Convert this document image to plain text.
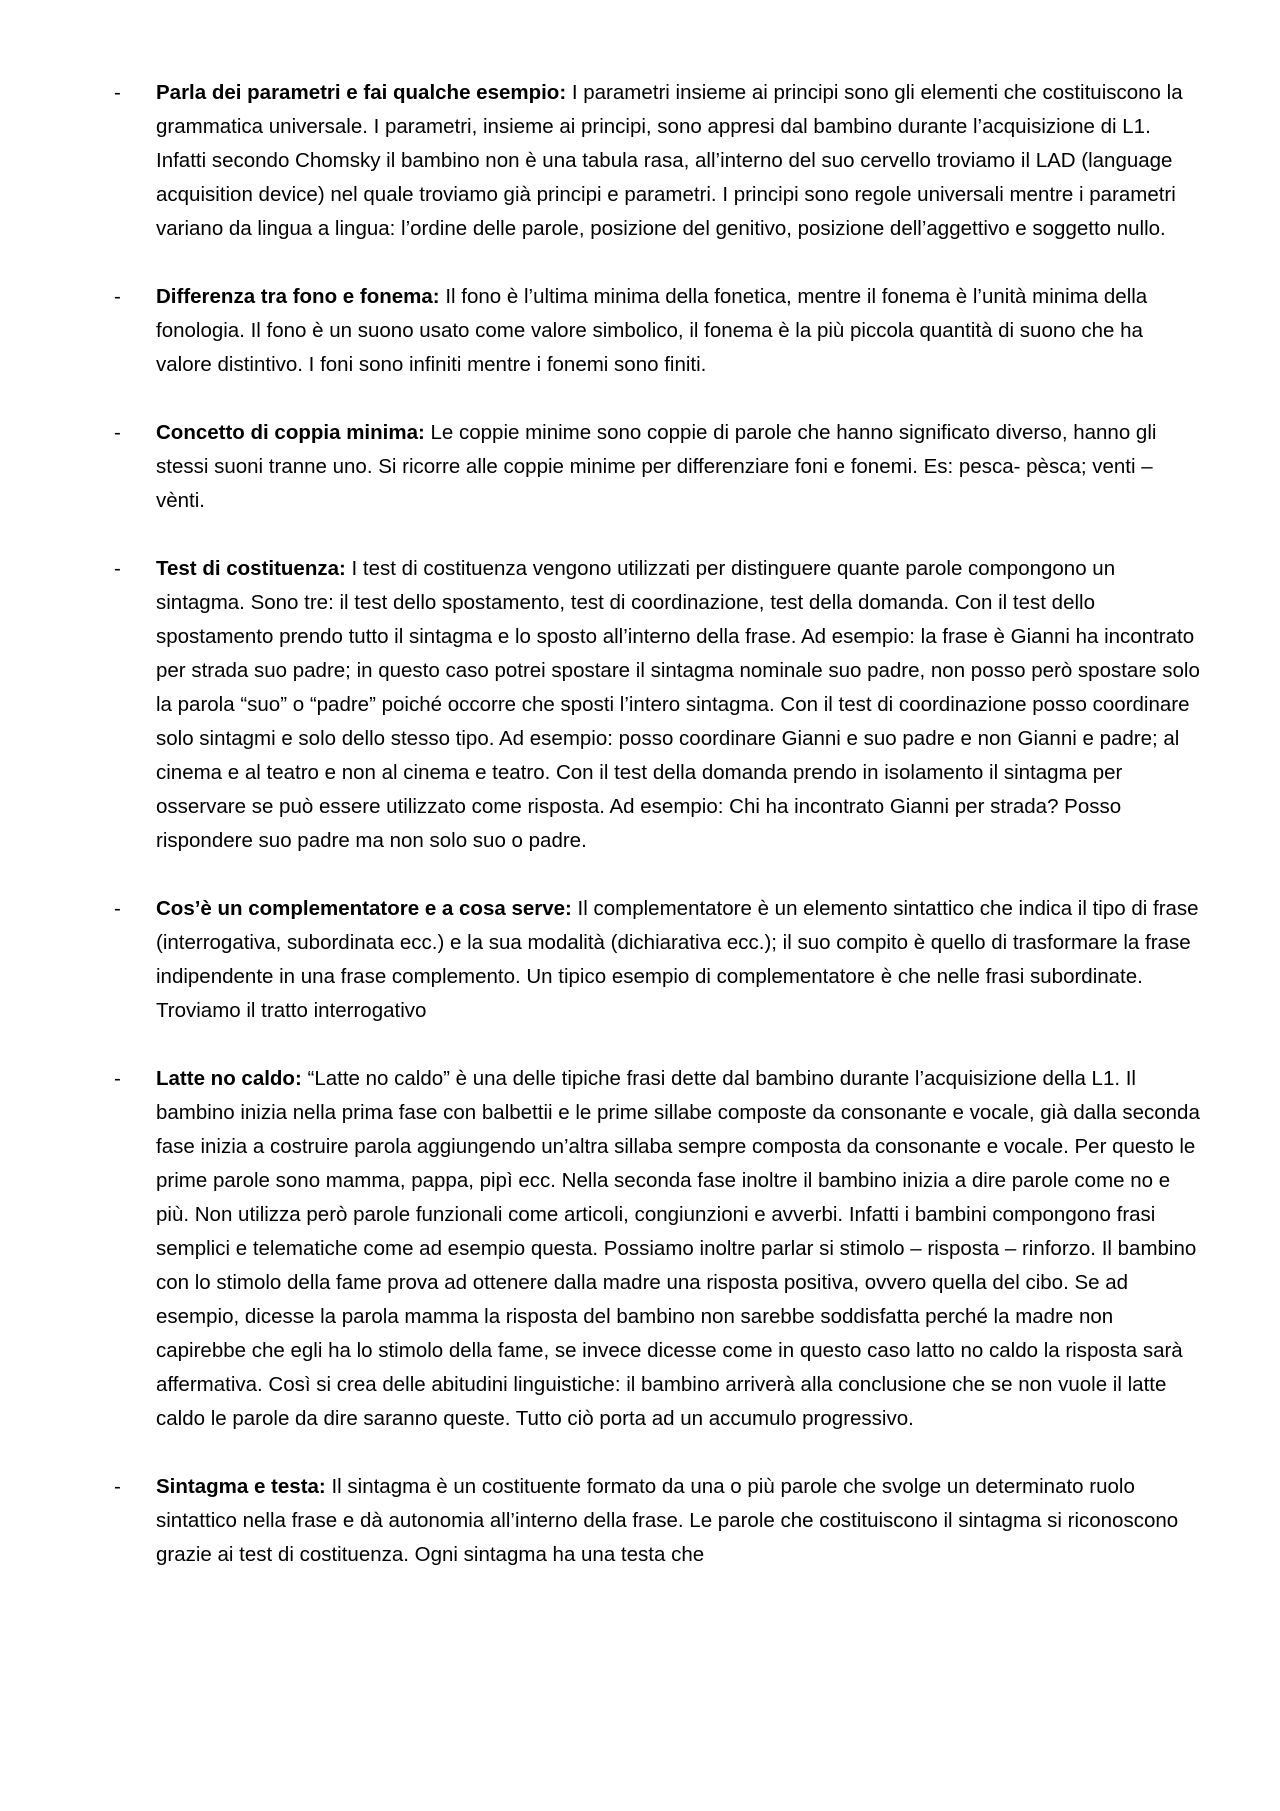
- Parla dei parametri e fai qualche esempio: I parametri insieme ai principi sono gli elementi che costituiscono la grammatica universale. I parametri, insieme ai principi, sono appresi dal bambino durante l’acquisizione di L1. Infatti secondo Chomsky il bambino non è una tabula rasa, all’interno del suo cervello troviamo il LAD (language acquisition device) nel quale troviamo già principi e parametri. I principi sono regole universali mentre i parametri variano da lingua a lingua: l’ordine delle parole, posizione del genitivo, posizione dell’aggettivo e soggetto nullo.
- Differenza tra fono e fonema: Il fono è l’ultima minima della fonetica, mentre il fonema è l’unità minima della fonologia. Il fono è un suono usato come valore simbolico, il fonema è la più piccola quantità di suono che ha valore distintivo. I foni sono infiniti mentre i fonemi sono finiti.
- Concetto di coppia minima: Le coppie minime sono coppie di parole che hanno significato diverso, hanno gli stessi suoni tranne uno. Si ricorre alle coppie minime per differenziare foni e fonemi. Es: pesca- pèsca; venti – vènti.
- Test di costituenza: I test di costituenza vengono utilizzati per distinguere quante parole compongono un sintagma. Sono tre: il test dello spostamento, test di coordinazione, test della domanda. Con il test dello spostamento prendo tutto il sintagma e lo sposto all’interno della frase. Ad esempio: la frase è Gianni ha incontrato per strada suo padre; in questo caso potrei spostare il sintagma nominale suo padre, non posso però spostare solo la parola “suo” o “padre” poiché occorre che sposti l’intero sintagma. Con il test di coordinazione posso coordinare solo sintagmi e solo dello stesso tipo. Ad esempio: posso coordinare Gianni e suo padre e non Gianni e padre; al cinema e al teatro e non al cinema e teatro. Con il test della domanda prendo in isolamento il sintagma per osservare se può essere utilizzato come risposta. Ad esempio: Chi ha incontrato Gianni per strada? Posso rispondere suo padre ma non solo suo o padre.
- Cos’è un complementatore e a cosa serve: Il complementatore è un elemento sintattico che indica il tipo di frase (interrogativa, subordinata ecc.) e la sua modalità (dichiarativa ecc.); il suo compito è quello di trasformare la frase indipendente in una frase complemento. Un tipico esempio di complementatore è che nelle frasi subordinate. Troviamo il tratto interrogativo
- Latte no caldo: “Latte no caldo” è una delle tipiche frasi dette dal bambino durante l’acquisizione della L1. Il bambino inizia nella prima fase con balbettii e le prime sillabe composte da consonante e vocale, già dalla seconda fase inizia a costruire parola aggiungendo un’altra sillaba sempre composta da consonante e vocale. Per questo le prime parole sono mamma, pappa, pipì ecc. Nella seconda fase inoltre il bambino inizia a dire parole come no e più. Non utilizza però parole funzionali come articoli, congiunzioni e avverbi. Infatti i bambini compongono frasi semplici e telematiche come ad esempio questa. Possiamo inoltre parlar si stimolo – risposta – rinforzo. Il bambino con lo stimolo della fame prova ad ottenere dalla madre una risposta positiva, ovvero quella del cibo. Se ad esempio, dicesse la parola mamma la risposta del bambino non sarebbe soddisfatta perché la madre non capirebbe che egli ha lo stimolo della fame, se invece dicesse come in questo caso latto no caldo la risposta sarà affermativa. Così si crea delle abitudini linguistiche: il bambino arriverà alla conclusione che se non vuole il latte caldo le parole da dire saranno queste. Tutto ciò porta ad un accumulo progressivo.
- Sintagma e testa: Il sintagma è un costituente formato da una o più parole che svolge un determinato ruolo sintattico nella frase e dà autonomia all’interno della frase. Le parole che costituiscono il sintagma si riconoscono grazie ai test di costituenza. Ogni sintagma ha una testa che
